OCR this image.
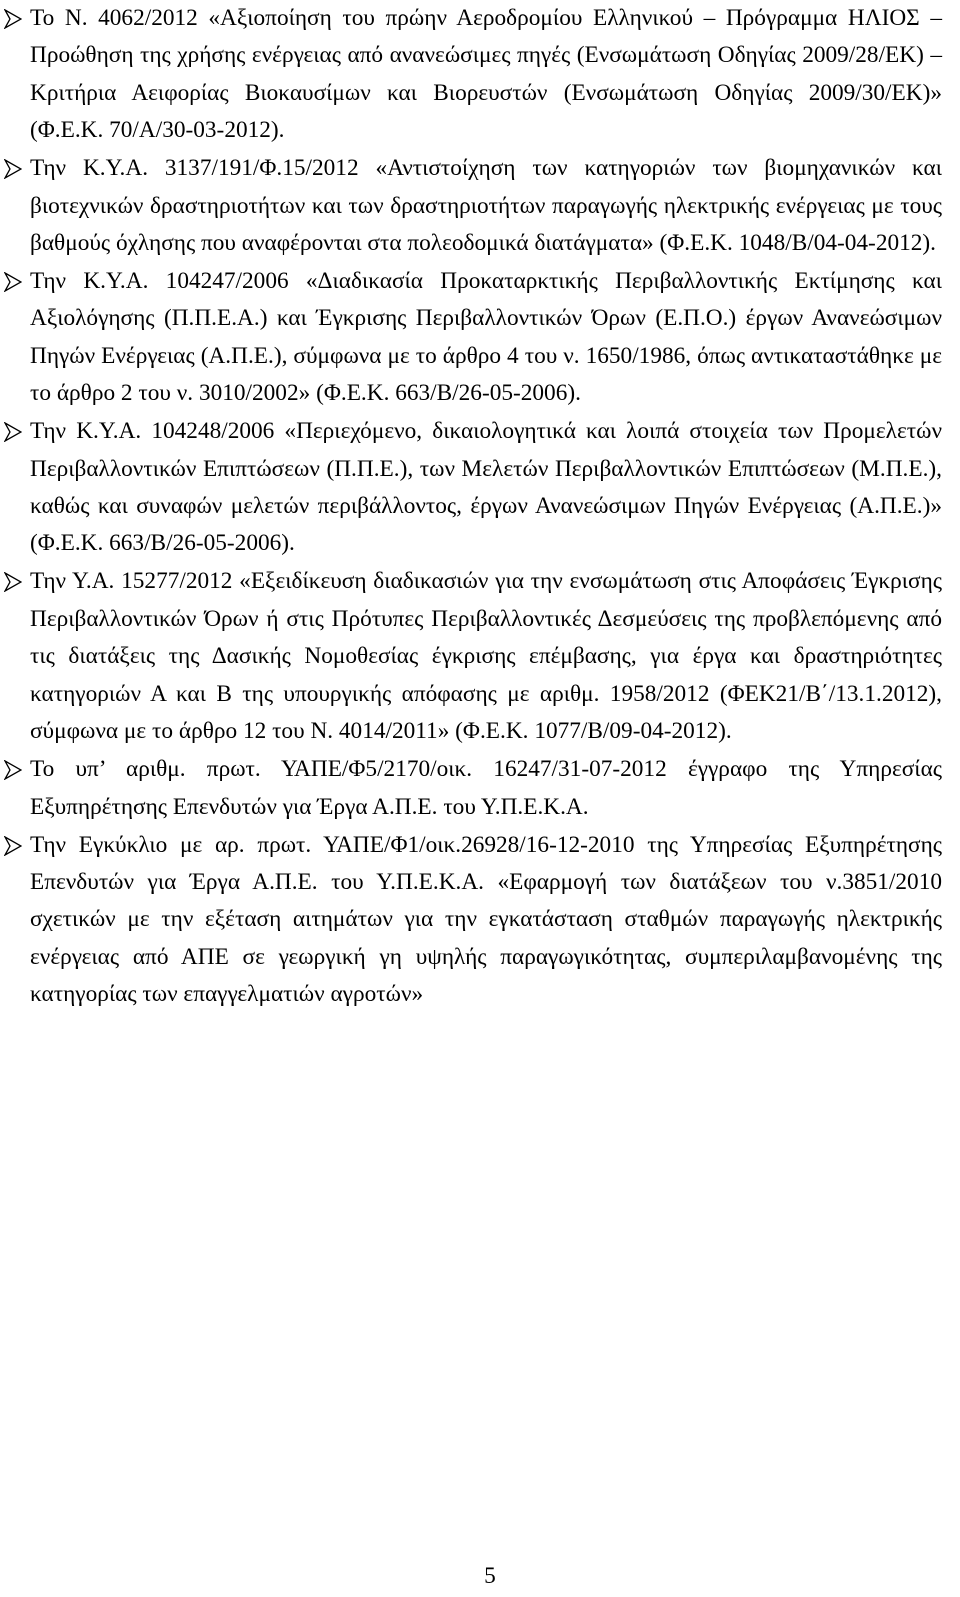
Το Ν. 4062/2012 «Αξιοποίηση του πρώην Αεροδρομίου Ελληνικού – Πρόγραμμα ΗΛΙΟΣ – Προώθηση της χρήσης ενέργειας από ανανεώσιμες πηγές (Ενσωμάτωση Οδηγίας 2009/28/ΕΚ) – Κριτήρια Αειφορίας Βιοκαυσίμων και Βιορευστών (Ενσωμάτωση Οδηγίας 2009/30/ΕΚ)» (Φ.Ε.Κ. 70/Α/30-03-2012).
Την Κ.Υ.Α. 3137/191/Φ.15/2012 «Αντιστοίχηση των κατηγοριών των βιομηχανικών και βιοτεχνικών δραστηριοτήτων και των δραστηριοτήτων παραγωγής ηλεκτρικής ενέργειας με τους βαθμούς όχλησης που αναφέρονται στα πολεοδομικά διατάγματα» (Φ.Ε.Κ. 1048/Β/04-04-2012).
Την Κ.Υ.Α. 104247/2006 «Διαδικασία Προκαταρκτικής Περιβαλλοντικής Εκτίμησης και Αξιολόγησης (Π.Π.Ε.Α.) και Έγκρισης Περιβαλλοντικών Όρων (Ε.Π.Ο.) έργων Ανανεώσιμων Πηγών Ενέργειας (Α.Π.Ε.), σύμφωνα με το άρθρο 4 του ν. 1650/1986, όπως αντικαταστάθηκε με το άρθρο 2 του ν. 3010/2002» (Φ.Ε.Κ. 663/Β/26-05-2006).
Την Κ.Υ.Α. 104248/2006 «Περιεχόμενο, δικαιολογητικά και λοιπά στοιχεία των Προμελετών Περιβαλλοντικών Επιπτώσεων (Π.Π.Ε.), των Μελετών Περιβαλλοντικών Επιπτώσεων (Μ.Π.Ε.), καθώς και συναφών μελετών περιβάλλοντος, έργων Ανανεώσιμων Πηγών Ενέργειας (Α.Π.Ε.)» (Φ.Ε.Κ. 663/Β/26-05-2006).
Την Υ.Α. 15277/2012 «Εξειδίκευση διαδικασιών για την ενσωμάτωση στις Αποφάσεις Έγκρισης Περιβαλλοντικών Όρων ή στις Πρότυπες Περιβαλλοντικές Δεσμεύσεις της προβλεπόμενης από τις διατάξεις της Δασικής Νομοθεσίας έγκρισης επέμβασης, για έργα και δραστηριότητες κατηγοριών Α και Β της υπουργικής απόφασης με αριθμ. 1958/2012 (ΦΕΚ21/Β΄/13.1.2012), σύμφωνα με το άρθρο 12 του Ν. 4014/2011» (Φ.Ε.Κ. 1077/Β/09-04-2012).
Το υπ’ αριθμ. πρωτ. ΥΑΠΕ/Φ5/2170/οικ. 16247/31-07-2012 έγγραφο της Υπηρεσίας Εξυπηρέτησης Επενδυτών για Έργα Α.Π.Ε. του Υ.Π.Ε.Κ.Α.
Την Εγκύκλιο με αρ. πρωτ. ΥΑΠΕ/Φ1/οικ.26928/16-12-2010 της Υπηρεσίας Εξυπηρέτησης Επενδυτών για Έργα Α.Π.Ε. του Υ.Π.Ε.Κ.Α. «Εφαρμογή των διατάξεων του ν.3851/2010 σχετικών με την εξέταση αιτημάτων για την εγκατάσταση σταθμών παραγωγής ηλεκτρικής ενέργειας από ΑΠΕ σε γεωργική γη υψηλής παραγωγικότητας, συμπεριλαμβανομένης της κατηγορίας των επαγγελματιών αγροτών»
5
